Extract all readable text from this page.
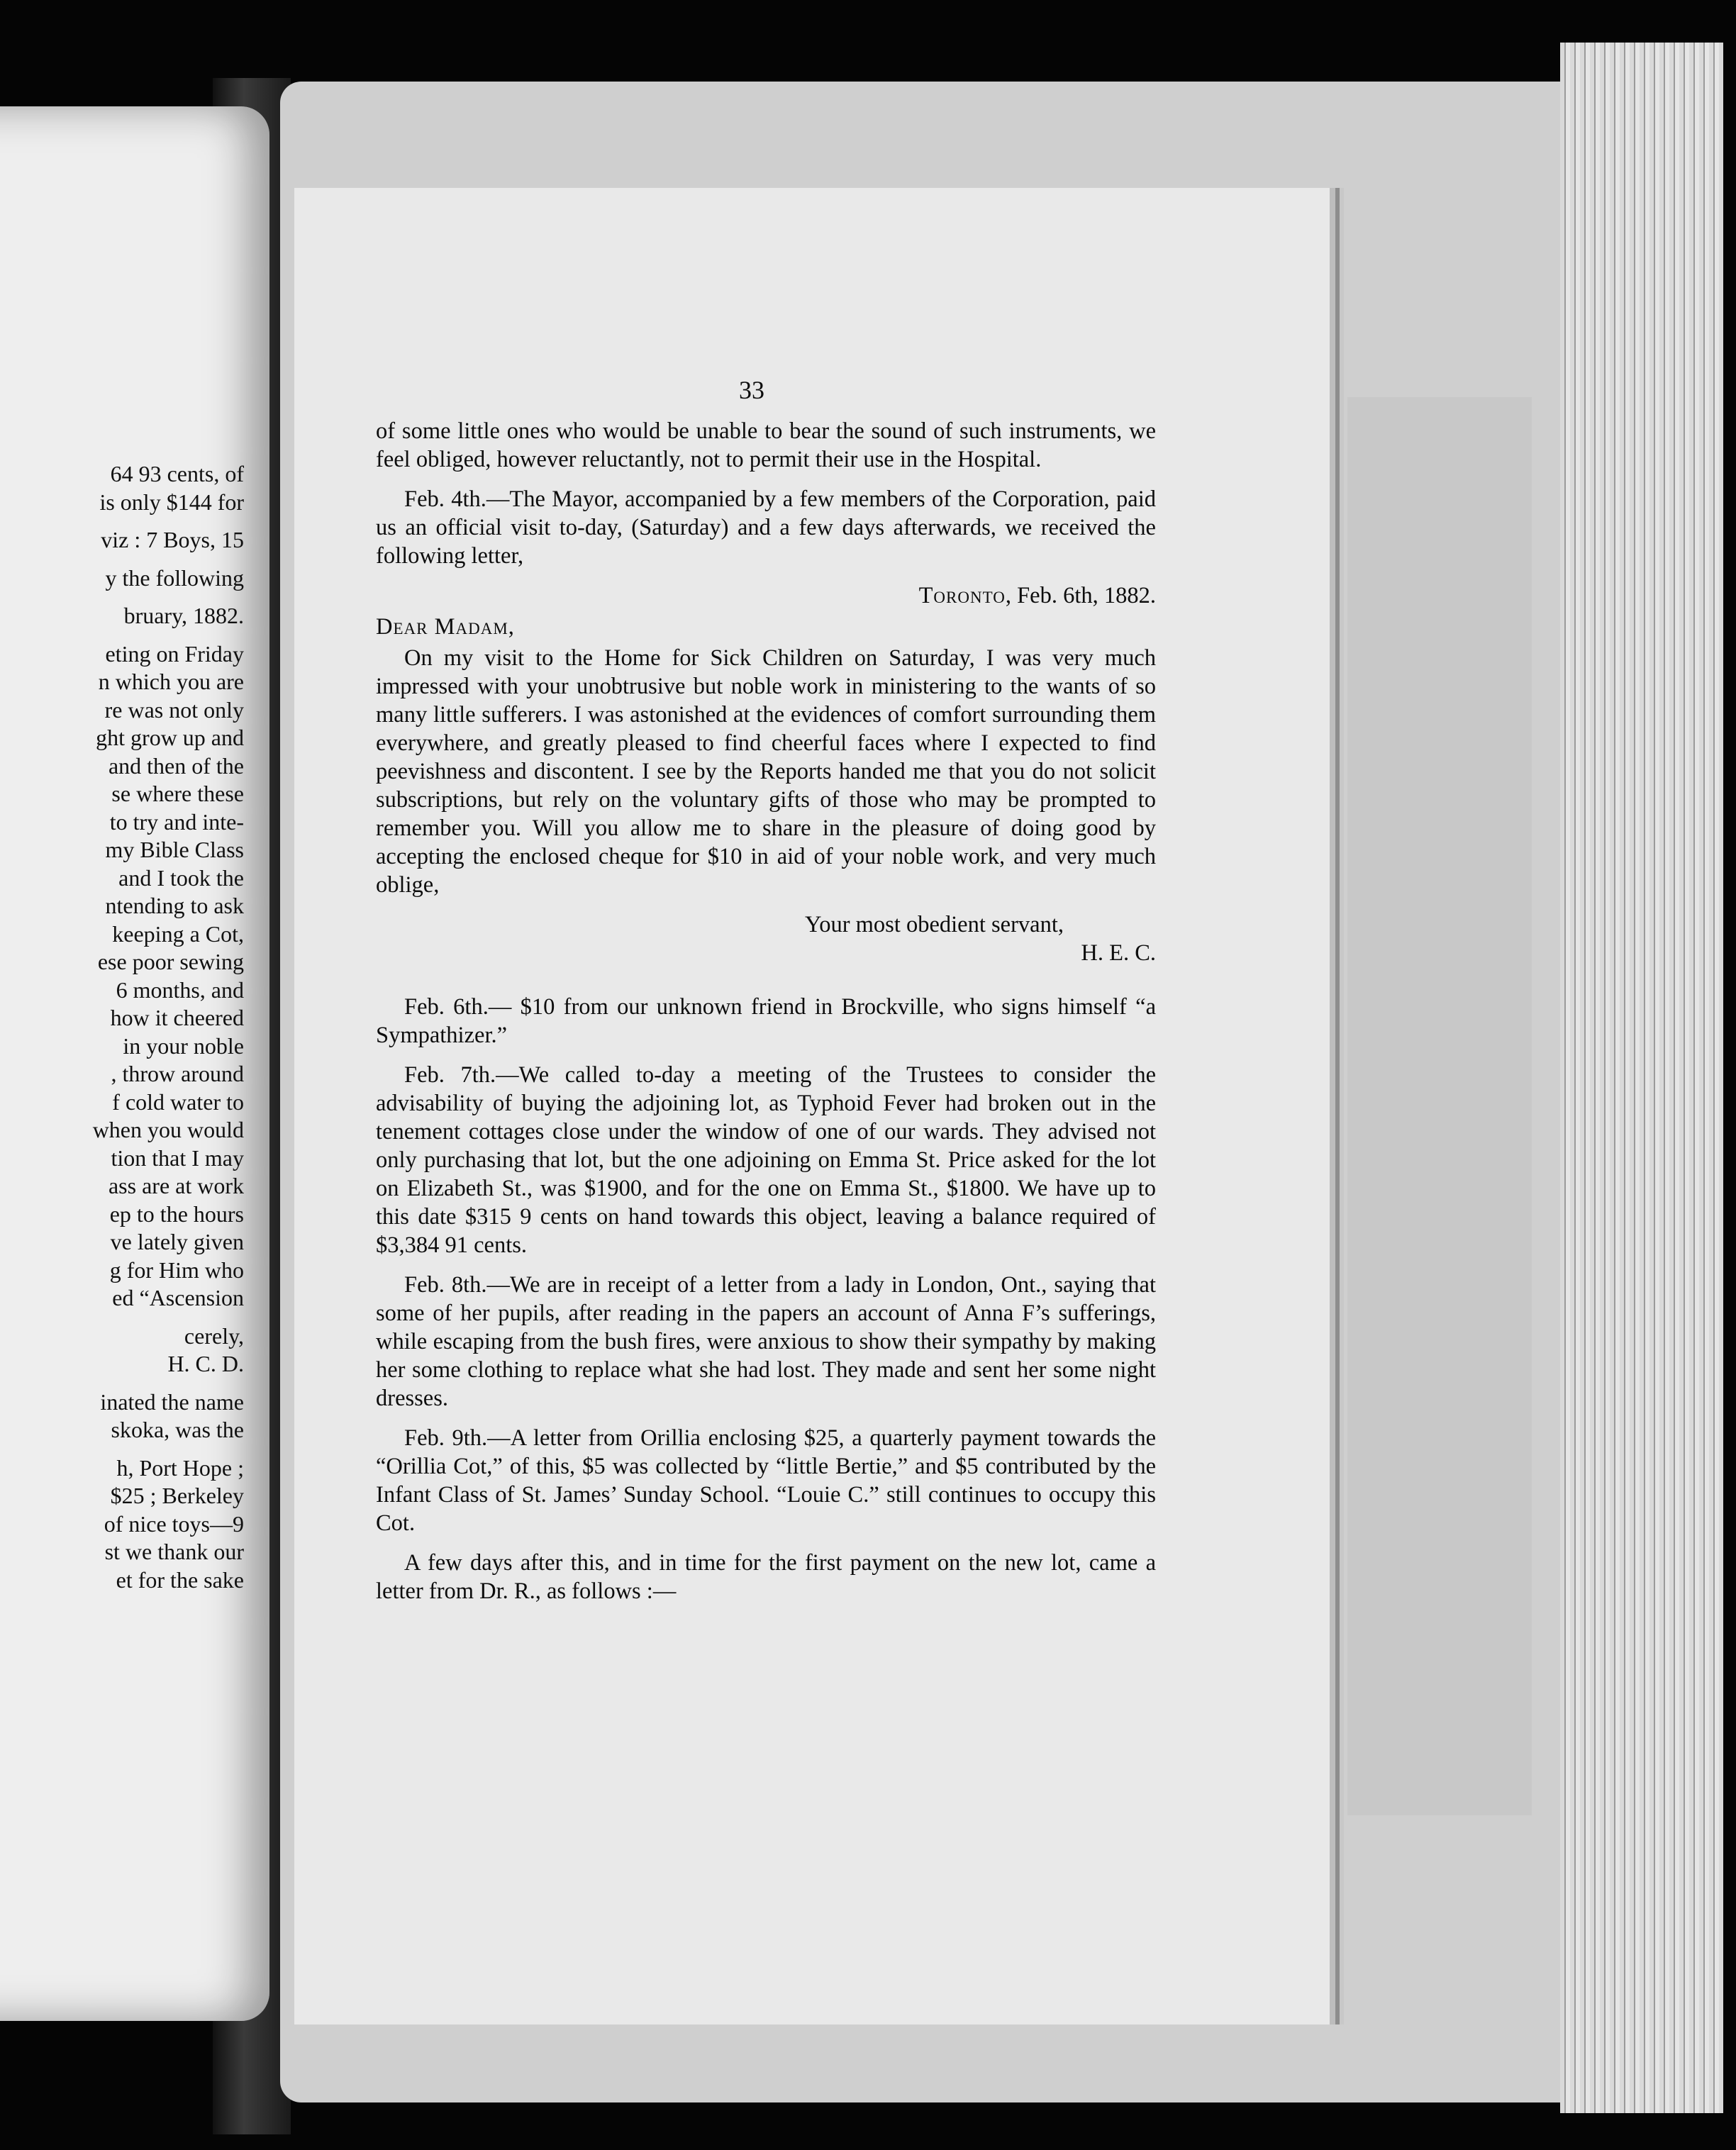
64 93 cents, of
is only $144 for
viz : 7 Boys, 15
y the following
bruary, 1882.
eting on Friday
n which you are
re was not only
ght grow up and
and then of the
se where these
to try and inte-
my Bible Class
and I took the
ntending to ask
keeping a Cot,
ese poor sewing
6 months, and
how it cheered
in your noble
, throw around
f cold water to
when you would
tion that I may
ass are at work
ep to the hours
ve lately given
g for Him who
ed “Ascension
cerely,
H. C. D.
inated the name
skoka, was the
h, Port Hope ;
$25 ; Berkeley
of nice toys—9
st we thank our
et for the sake
33

of some little ones who would be unable to bear the sound of such instruments, we feel obliged, however reluctantly, not to permit their use in the Hospital.

Feb. 4th.—The Mayor, accompanied by a few members of the Corporation, paid us an official visit to-day, (Saturday) and a few days afterwards, we received the following letter,

Toronto, Feb. 6th, 1882.

Dear Madam,

On my visit to the Home for Sick Children on Saturday, I was very much impressed with your unobtrusive but noble work in ministering to the wants of so many little sufferers. I was astonished at the evidences of comfort surrounding them everywhere, and greatly pleased to find cheerful faces where I expected to find peevishness and discontent. I see by the Reports handed me that you do not solicit subscriptions, but rely on the voluntary gifts of those who may be prompted to remember you. Will you allow me to share in the pleasure of doing good by accepting the enclosed cheque for $10 in aid of your noble work, and very much oblige,

Your most obedient servant,

H. E. C.

Feb. 6th.— $10 from our unknown friend in Brockville, who signs himself “a Sympathizer.”

Feb. 7th.—We called to-day a meeting of the Trustees to consider the advisability of buying the adjoining lot, as Typhoid Fever had broken out in the tenement cottages close under the window of one of our wards. They advised not only purchasing that lot, but the one adjoining on Emma St. Price asked for the lot on Elizabeth St., was $1900, and for the one on Emma St., $1800. We have up to this date $315 9 cents on hand towards this object, leaving a balance required of $3,384 91 cents.

Feb. 8th.—We are in receipt of a letter from a lady in London, Ont., saying that some of her pupils, after reading in the papers an account of Anna F’s sufferings, while escaping from the bush fires, were anxious to show their sympathy by making her some clothing to replace what she had lost. They made and sent her some night dresses.

Feb. 9th.—A letter from Orillia enclosing $25, a quarterly payment towards the “Orillia Cot,” of this, $5 was collected by “little Bertie,” and $5 contributed by the Infant Class of St. James’ Sunday School. “Louie C.” still continues to occupy this Cot.

A few days after this, and in time for the first payment on the new lot, came a letter from Dr. R., as follows :—
